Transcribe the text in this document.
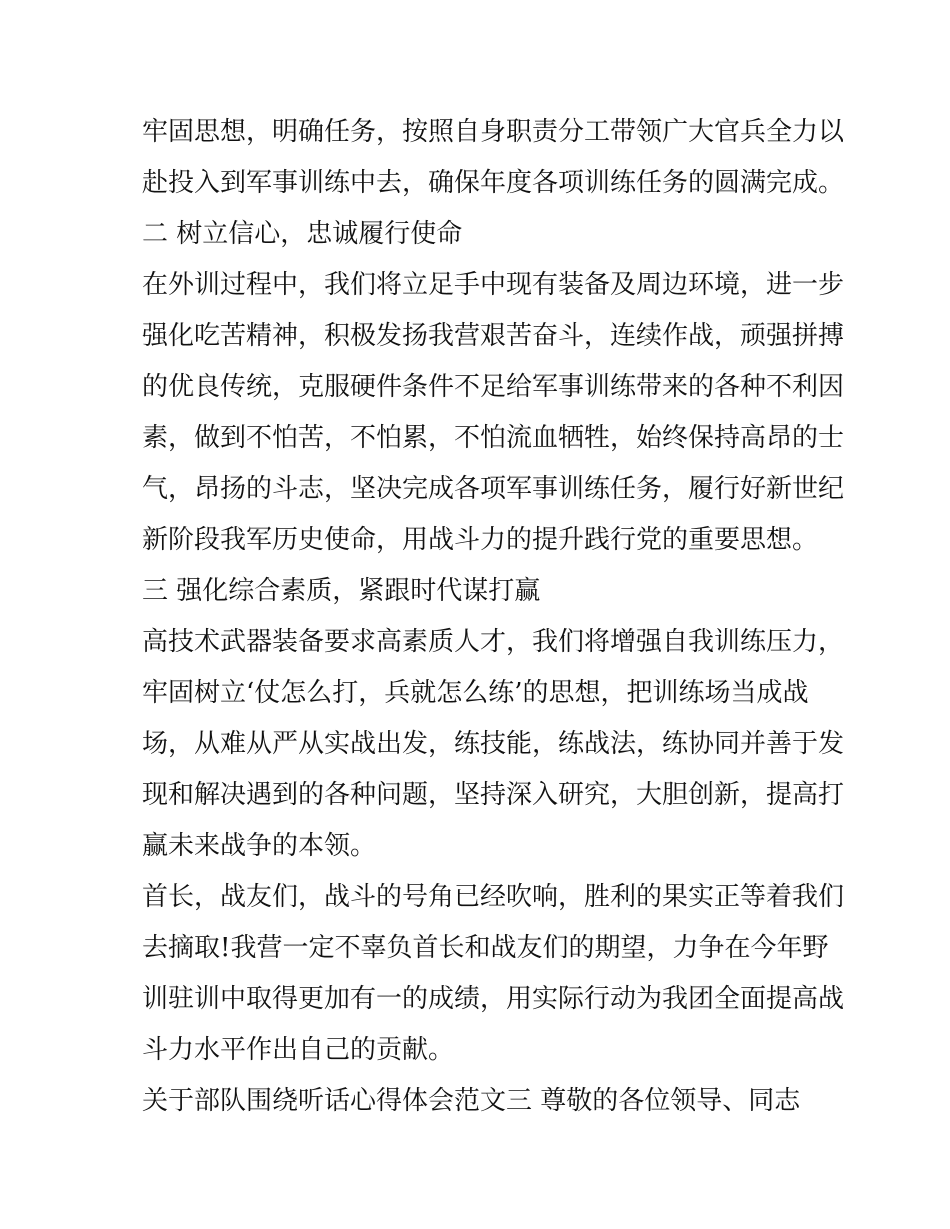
牢固思想，明确任务，按照自身职责分工带领广大官兵全力以
赴投入到军事训练中去，确保年度各项训练任务的圆满完成。
二 树立信心，忠诚履行使命
在外训过程中，我们将立足手中现有装备及周边环境，进一步
强化吃苦精神，积极发扬我营艰苦奋斗，连续作战，顽强拼搏
的优良传统，克服硬件条件不足给军事训练带来的各种不利因
素，做到不怕苦，不怕累，不怕流血牺牲，始终保持高昂的士
气，昂扬的斗志，坚决完成各项军事训练任务，履行好新世纪
新阶段我军历史使命，用战斗力的提升践行党的重要思想。
三 强化综合素质，紧跟时代谋打赢
高技术武器装备要求高素质人才，我们将增强自我训练压力，
牢固树立‘仗怎么打，兵就怎么练’的思想，把训练场当成战
场，从难从严从实战出发，练技能，练战法，练协同并善于发
现和解决遇到的各种问题，坚持深入研究，大胆创新，提高打
赢未来战争的本领。
首长，战友们，战斗的号角已经吹响，胜利的果实正等着我们
去摘取!我营一定不辜负首长和战友们的期望，力争在今年野
训驻训中取得更加有一的成绩，用实际行动为我团全面提高战
斗力水平作出自己的贡献。
关于部队围绕听话心得体会范文三 尊敬的各位领导、同志
